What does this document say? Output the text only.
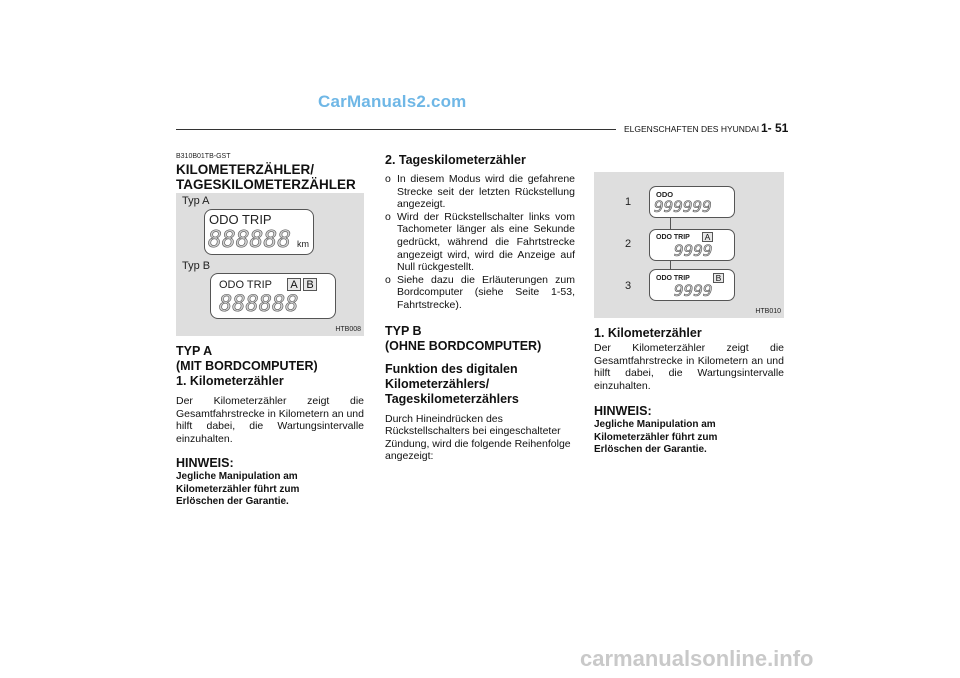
CarManuals2.com
ELGENSCHAFTEN DES HYUNDAI 1- 51
B310B01TB-GST
KILOMETERZÄHLER/
TAGESKILOMETERZÄHLER
Typ A
ODO TRIP
888888 km
Typ B
ODO TRIP	A B
888888
HTB008
TYP A
(MIT BORDCOMPUTER)
1. Kilometerzähler
Der Kilometerzähler zeigt die Gesamtfahrstrecke in Kilometern an und hilft dabei, die Wartungsintervalle einzuhalten.
HINWEIS:
Jegliche Manipulation am
Kilometerzähler führt zum
Erlöschen der Garantie.
2. Tageskilometerzähler
o In diesem Modus wird die gefahrene Strecke seit der letzten Rückstellung angezeigt.
o Wird der Rückstellschalter links vom Tachometer länger als eine Sekunde gedrückt, während die Fahrtstrecke angezeigt wird, wird die Anzeige auf Null rückgestellt.
o Siehe dazu die Erläuterungen zum Bordcomputer (siehe Seite 1-53, Fahrtstrecke).
TYP B
(OHNE BORDCOMPUTER)
Funktion des digitalen
Kilometerzählers/
Tageskilometerzählers
Durch Hineindrücken des Rückstellschalters bei eingeschalteter Zündung, wird die folgende Reihenfolge angezeigt:
1
2
3
ODO
999999
ODO TRIP	A
9999
ODO TRIP	B
9999
HTB010
1. Kilometerzähler
Der Kilometerzähler zeigt die Gesamtfahrstrecke in Kilometern an und hilft dabei, die Wartungsintervalle einzuhalten.
HINWEIS:
Jegliche Manipulation am
Kilometerzähler führt zum
Erlöschen der Garantie.
carmanualsonline.info
